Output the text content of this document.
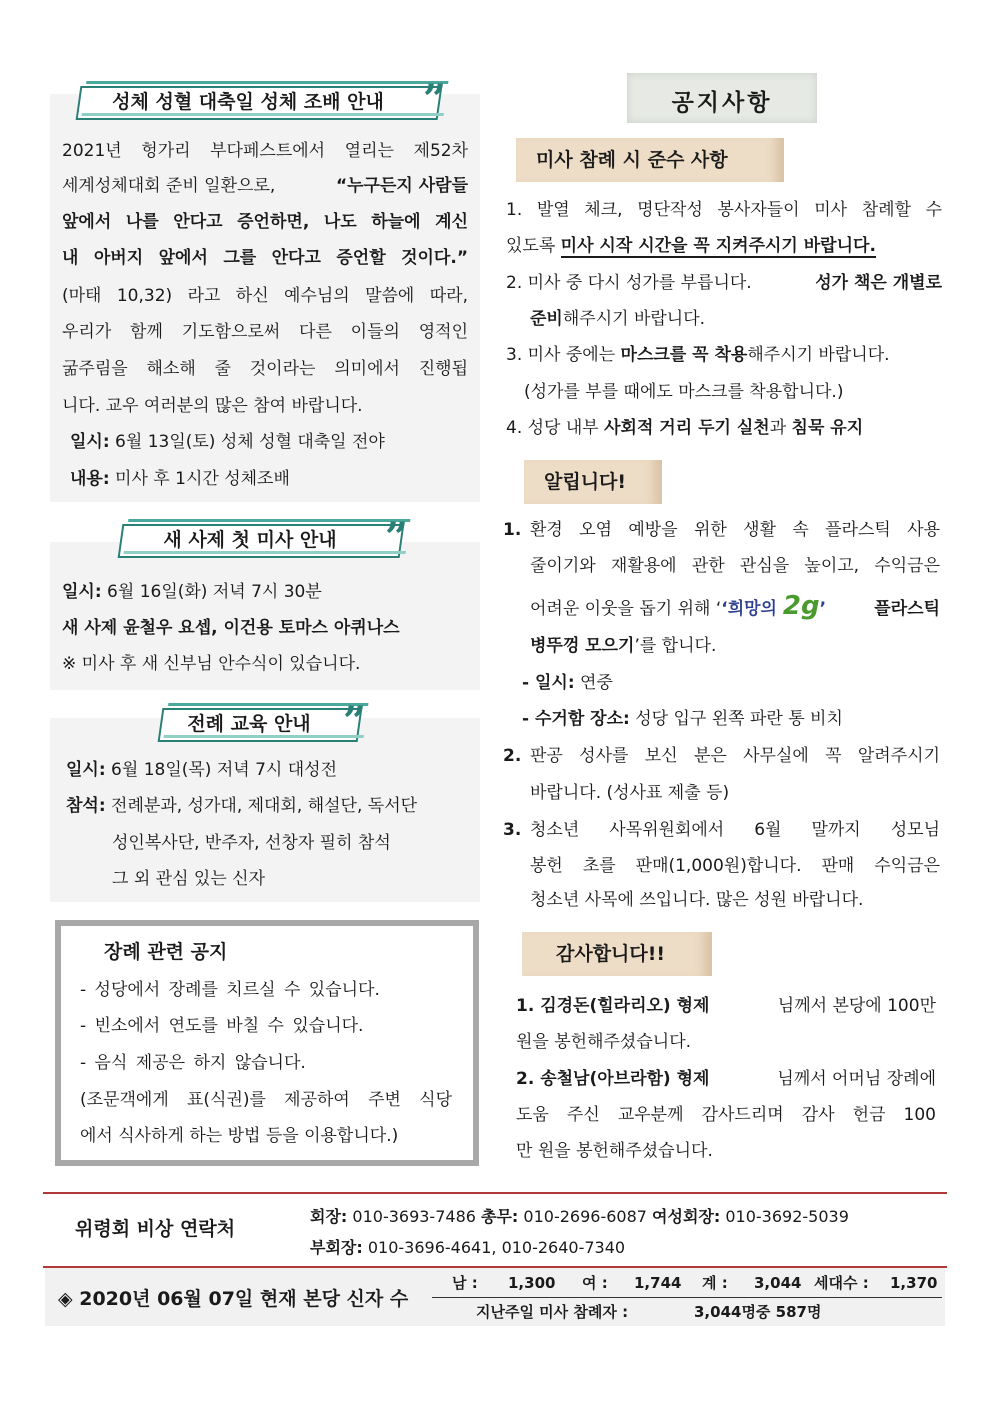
성체 성혈 대축일 성체 조배 안내 ”
2021년 헝가리 부다페스트에서 열리는 제52차
세계성체대회 준비 일환으로,	“누구든지 사람들
앞에서 나를 안다고 증언하면, 나도 하늘에 계신
내 아버지 앞에서 그를 안다고 증언할 것이다.”
(마태 10,32) 라고 하신 예수님의 말씀에 따라,
우리가 함께 기도함으로써 다른 이들의 영적인
굶주림을 해소해 줄 것이라는 의미에서 진행됩
니다. 교우 여러분의 많은 참여 바랍니다.
일시: 6월 13일(토) 성체 성혈 대축일 전야
내용: 미사 후 1시간 성체조배
새 사제 첫 미사 안내	”
일시: 6월 16일(화) 저녁 7시 30분
새 사제 윤철우 요셉, 이건용 토마스 아퀴나스
※ 미사 후 새 신부님 안수식이 있습니다.
전례 교육 안내 ”
일시: 6월 18일(목) 저녁 7시 대성전
참석: 전례분과, 성가대, 제대회, 해설단, 독서단
성인복사단, 반주자, 선창자 필히 참석
그 외 관심 있는 신자
장례 관련 공지
- 성당에서 장례를 치르실 수 있습니다.
- 빈소에서 연도를 바칠 수 있습니다.
- 음식 제공은 하지 않습니다.
(조문객에게 표(식권)를 제공하여 주변 식당
에서 식사하게 하는 방법 등을 이용합니다.)
공지사항
미사 참례 시 준수 사항
1. 발열 체크, 명단작성 봉사자들이 미사 참례할 수
있도록 미사 시작 시간을 꼭 지켜주시기 바랍니다.
2. 미사 중 다시 성가를 부릅니다.	성가 책은 개별로
준비해주시기 바랍니다.
3. 미사 중에는 마스크를 꼭 착용해주시기 바랍니다.
(성가를 부를 때에도 마스크를 착용합니다.)
4. 성당 내부 사회적 거리 두기 실천과 침묵 유지
알립니다!
1. 환경 오염 예방을 위한 생활 속 플라스틱 사용
줄이기와 재활용에 관한 관심을 높이고, 수익금은
어려운 이웃을 돕기 위해 ‘‘희망의 2g’	플라스틱
병뚜껑 모으기’를 합니다.
- 일시: 연중
- 수거함 장소: 성당 입구 왼쪽 파란 통 비치
2. 판공 성사를 보신 분은 사무실에 꼭 알려주시기
바랍니다. (성사표 제출 등)
3. 청소년 사목위원회에서 6월 말까지 성모님
봉헌 초를 판매(1,000원)합니다. 판매 수익금은
청소년 사목에 쓰입니다. 많은 성원 바랍니다.
감사합니다!!
1. 김경돈(힐라리오) 형제	님께서 본당에 100만
원을 봉헌해주셨습니다.
2. 송철남(아브라함) 형제	님께서 어머님 장례에
도움 주신 교우분께 감사드리며 감사 헌금 100
만 원을 봉헌해주셨습니다.
위령회 비상 연락처
회장: 010-3693-7486 총무: 010-2696-6087 여성회장: 010-3692-5039
부회장: 010-3696-4641, 010-2640-7340
◈ 2020년 06월 07일 현재 본당 신자 수
남 : 1,300 여 : 1,744 계 : 3,044 세대수 : 1,370
지난주일 미사 참례자 :	3,044명중 587명
